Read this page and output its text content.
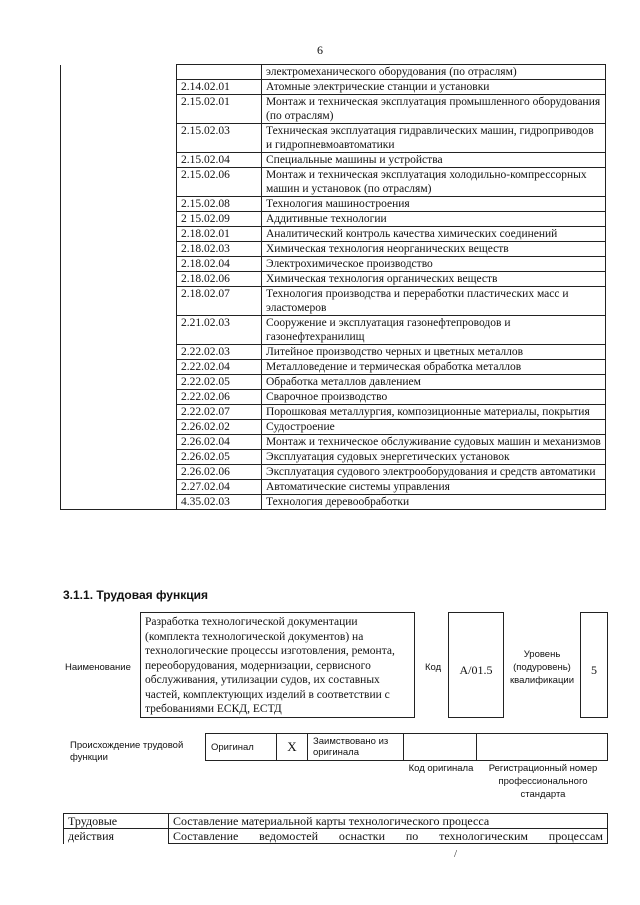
6
		электромеханического оборудования (по отраслям)
	2.14.02.01	Атомные электрические станции и установки
	2.15.02.01	Монтаж и техническая эксплуатация промышленного оборудования (по отраслям)
	2.15.02.03	Техническая эксплуатация гидравлических машин, гидроприводов и гидропневмоавтоматики
	2.15.02.04	Специальные машины и устройства
	2.15.02.06	Монтаж и техническая эксплуатация холодильно-компрессорных машин и установок (по отраслям)
	2.15.02.08	Технология машиностроения
	2 15.02.09	Аддитивные технологии
	2.18.02.01	Аналитический контроль качества химических соединений
	2.18.02.03	Химическая технология неорганических веществ
	2.18.02.04	Электрохимическое производство
	2.18.02.06	Химическая технология органических веществ
	2.18.02.07	Технология производства и переработки пластических масс и эластомеров
	2.21.02.03	Сооружение и эксплуатация газонефтепроводов и газонефтехранилищ
	2.22.02.03	Литейное производство черных и цветных металлов
	2.22.02.04	Металловедение и термическая обработка металлов
	2.22.02.05	Обработка металлов давлением
	2.22.02.06	Сварочное производство
	2.22.02.07	Порошковая металлургия, композиционные материалы, покрытия
	2.26.02.02	Судостроение
	2.26.02.04	Монтаж и техническое обслуживание судовых машин и механизмов
	2.26.02.05	Эксплуатация судовых энергетических установок
	2.26.02.06	Эксплуатация судового электрооборудования и средств автоматики
	2.27.02.04	Автоматические системы управления
	4.35.02.03	Технология деревообработки
3.1.1. Трудовая функция
Наименование
Разработка технологической документации (комплекта технологической документов) на технологические процессы изготовления, ремонта, переоборудования, модернизации, сервисного обслуживания, утилизации судов, их составных частей, комплектующих изделий в соответствии с требованиями ЕСКД, ЕСТД
Код	A/01.5
Уровень (подуровень) квалификации
5
Происхождение трудовой функции
Оригинал	X	Заимствовано из оригинала		
Код оригинала	Регистрационный номер профессионального стандарта
Трудовые	Составление материальной карты технологического процесса
действия	Составление ведомостей оснастки по технологическим процессам
/
